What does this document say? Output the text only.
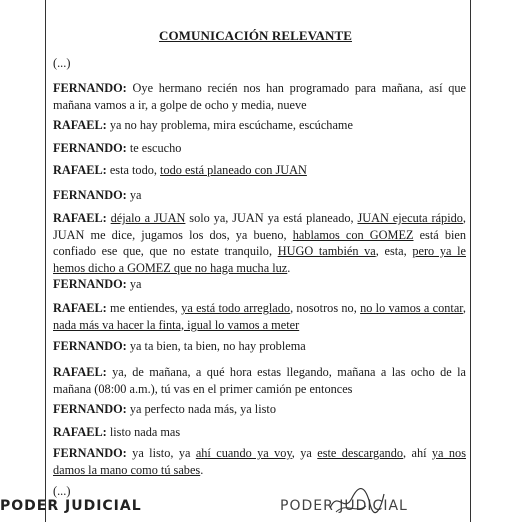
COMUNICACIÓN RELEVANTE
(...)
FERNANDO: Oye hermano recién nos han programado para mañana, así que mañana vamos a ir, a golpe de ocho y media, nueve
RAFAEL: ya no hay problema, mira escúchame, escúchame
FERNANDO: te escucho
RAFAEL: esta todo, todo está planeado con JUAN
FERNANDO: ya
RAFAEL: déjalo a JUAN solo ya, JUAN ya está planeado, JUAN ejecuta rápido, JUAN me dice, jugamos los dos, ya bueno, hablamos con GOMEZ está bien confiado ese que, que no estate tranquilo, HUGO también va, esta, pero ya le hemos dicho a GOMEZ que no haga mucha luz.
FERNANDO: ya
RAFAEL: me entiendes, ya está todo arreglado, nosotros no, no lo vamos a contar, nada más va hacer la finta, igual lo vamos a meter
FERNANDO: ya ta bien, ta bien, no hay problema
RAFAEL: ya, de mañana, a qué hora estas llegando, mañana a las ocho de la mañana (08:00 a.m.), tú vas en el primer camión pe entonces
FERNANDO: ya perfecto nada más, ya listo
RAFAEL: listo nada mas
FERNANDO: ya listo, ya ahí cuando ya voy, ya este descargando, ahí ya nos damos la mano como tú sabes.
(...)
PODER JUDICIAL	PODER JUDICIAL
